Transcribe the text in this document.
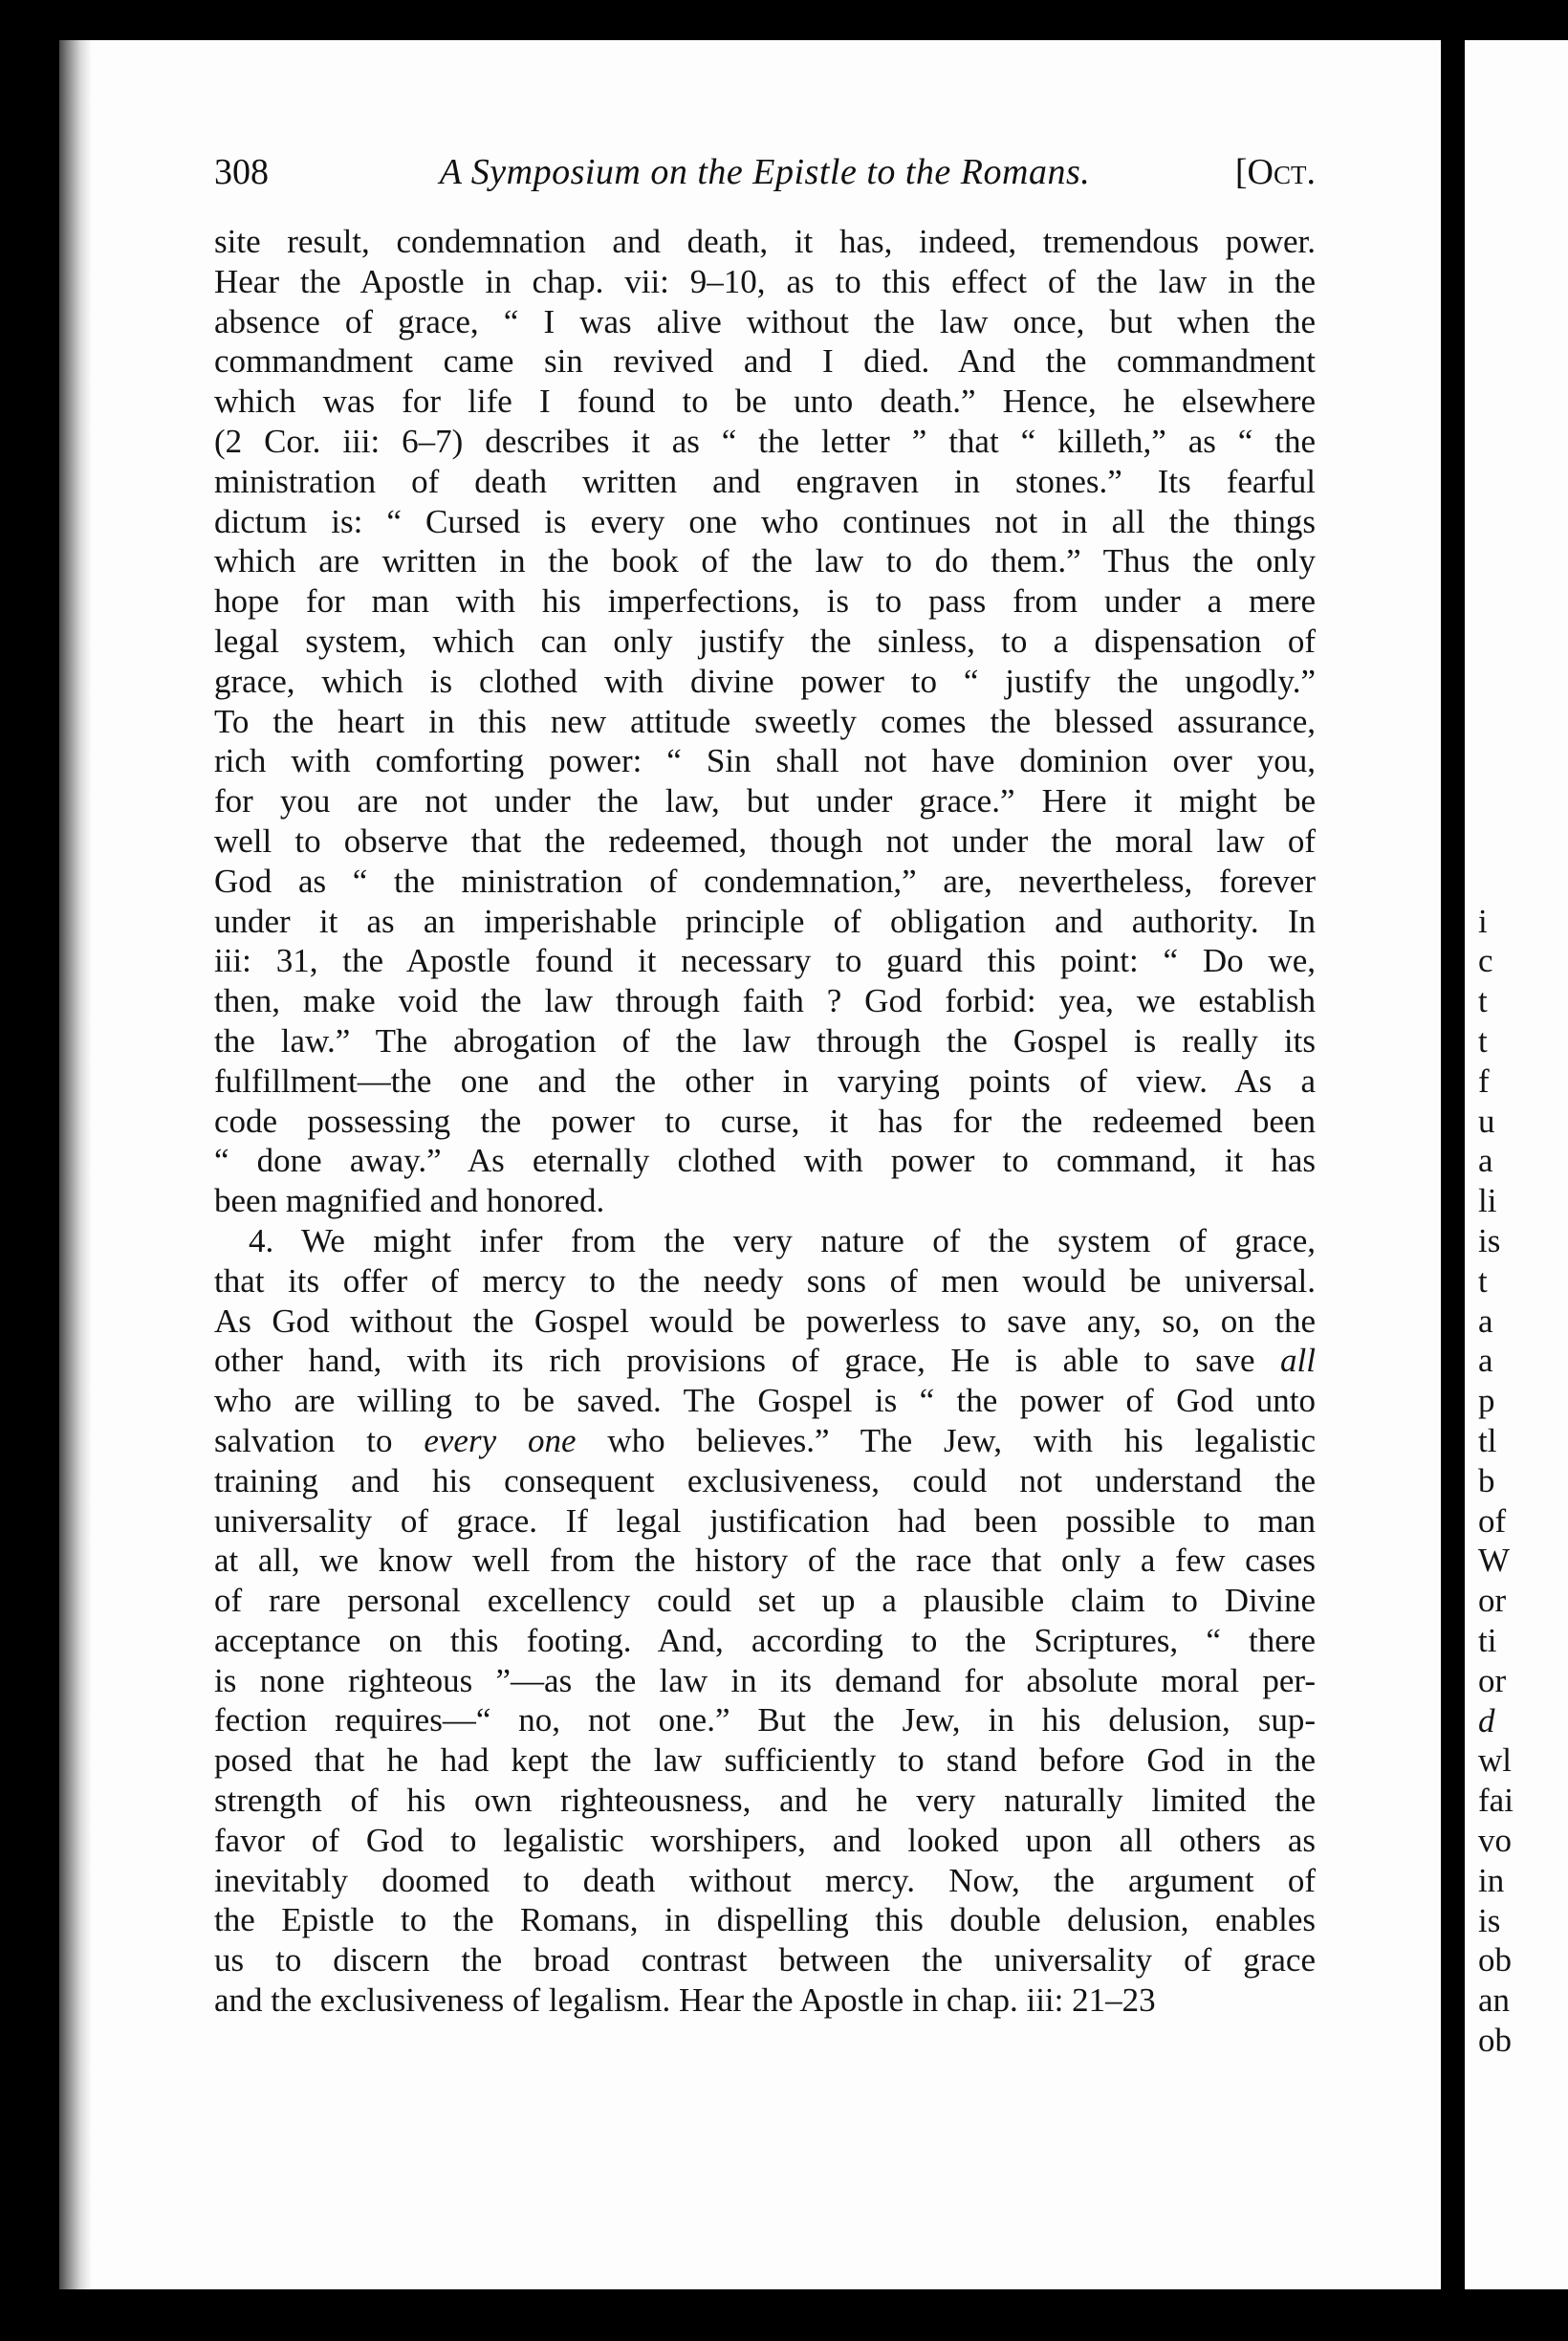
i
c
t
t
f
u
a
li
is
t
a
a
p
tl
b
of
W
or
ti
or
d
wl
fai
vo
in
is
ob
an
ob
308	A Symposium on the Epistle to the Romans.	[Oct.
site result, condemnation and death, it has, indeed, tremendous power.
Hear the Apostle in chap. vii: 9–10, as to this effect of the law in the
absence of grace, “ I was alive without the law once, but when the
commandment came sin revived and I died. And the commandment
which was for life I found to be unto death.” Hence, he elsewhere
(2 Cor. iii: 6–7) describes it as “ the letter ” that “ killeth,” as “ the
ministration of death written and engraven in stones.” Its fearful
dictum is: “ Cursed is every one who continues not in all the things
which are written in the book of the law to do them.” Thus the only
hope for man with his imperfections, is to pass from under a mere
legal system, which can only justify the sinless, to a dispensation of
grace, which is clothed with divine power to “ justify the ungodly.”
To the heart in this new attitude sweetly comes the blessed assurance,
rich with comforting power: “ Sin shall not have dominion over you,
for you are not under the law, but under grace.” Here it might be
well to observe that the redeemed, though not under the moral law of
God as “ the ministration of condemnation,” are, nevertheless, forever
under it as an imperishable principle of obligation and authority. In
iii: 31, the Apostle found it necessary to guard this point: “ Do we,
then, make void the law through faith ? God forbid: yea, we establish
the law.” The abrogation of the law through the Gospel is really its
fulfillment—the one and the other in varying points of view. As a
code possessing the power to curse, it has for the redeemed been
“ done away.” As eternally clothed with power to command, it has
been magnified and honored.
4. We might infer from the very nature of the system of grace,
that its offer of mercy to the needy sons of men would be universal.
As God without the Gospel would be powerless to save any, so, on the
other hand, with its rich provisions of grace, He is able to save all
who are willing to be saved. The Gospel is “ the power of God unto
salvation to every one who believes.” The Jew, with his legalistic
training and his consequent exclusiveness, could not understand the
universality of grace. If legal justification had been possible to man
at all, we know well from the history of the race that only a few cases
of rare personal excellency could set up a plausible claim to Divine
acceptance on this footing. And, according to the Scriptures, “ there
is none righteous ”—as the law in its demand for absolute moral per-
fection requires—“ no, not one.” But the Jew, in his delusion, sup-
posed that he had kept the law sufficiently to stand before God in the
strength of his own righteousness, and he very naturally limited the
favor of God to legalistic worshipers, and looked upon all others as
inevitably doomed to death without mercy. Now, the argument of
the Epistle to the Romans, in dispelling this double delusion, enables
us to discern the broad contrast between the universality of grace
and the exclusiveness of legalism. Hear the Apostle in chap. iii: 21–23
